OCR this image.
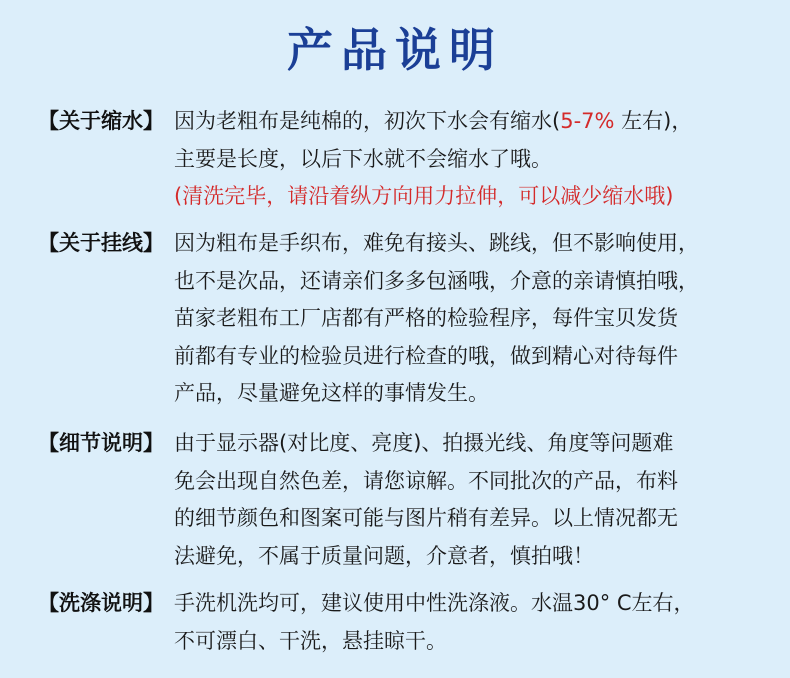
产品说明
【关于缩水】 因为老粗布是纯棉的，初次下水会有缩水(5-7% 左右)，
主要是长度，以后下水就不会缩水了哦。
(清洗完毕，请沿着纵方向用力拉伸，可以减少缩水哦)
【关于挂线】 因为粗布是手织布，难免有接头、跳线，但不影响使用，
也不是次品，还请亲们多多包涵哦，介意的亲请慎拍哦，
苗家老粗布工厂店都有严格的检验程序，每件宝贝发货
前都有专业的检验员进行检查的哦，做到精心对待每件
产品，尽量避免这样的事情发生。
【细节说明】 由于显示器(对比度、亮度)、拍摄光线、角度等问题难
免会出现自然色差，请您谅解。不同批次的产品，布料
的细节颜色和图案可能与图片稍有差异。以上情况都无
法避免，不属于质量问题，介意者，慎拍哦！
【洗涤说明】 手洗机洗均可，建议使用中性洗涤液。水温30° C左右，
不可漂白、干洗，悬挂晾干。
